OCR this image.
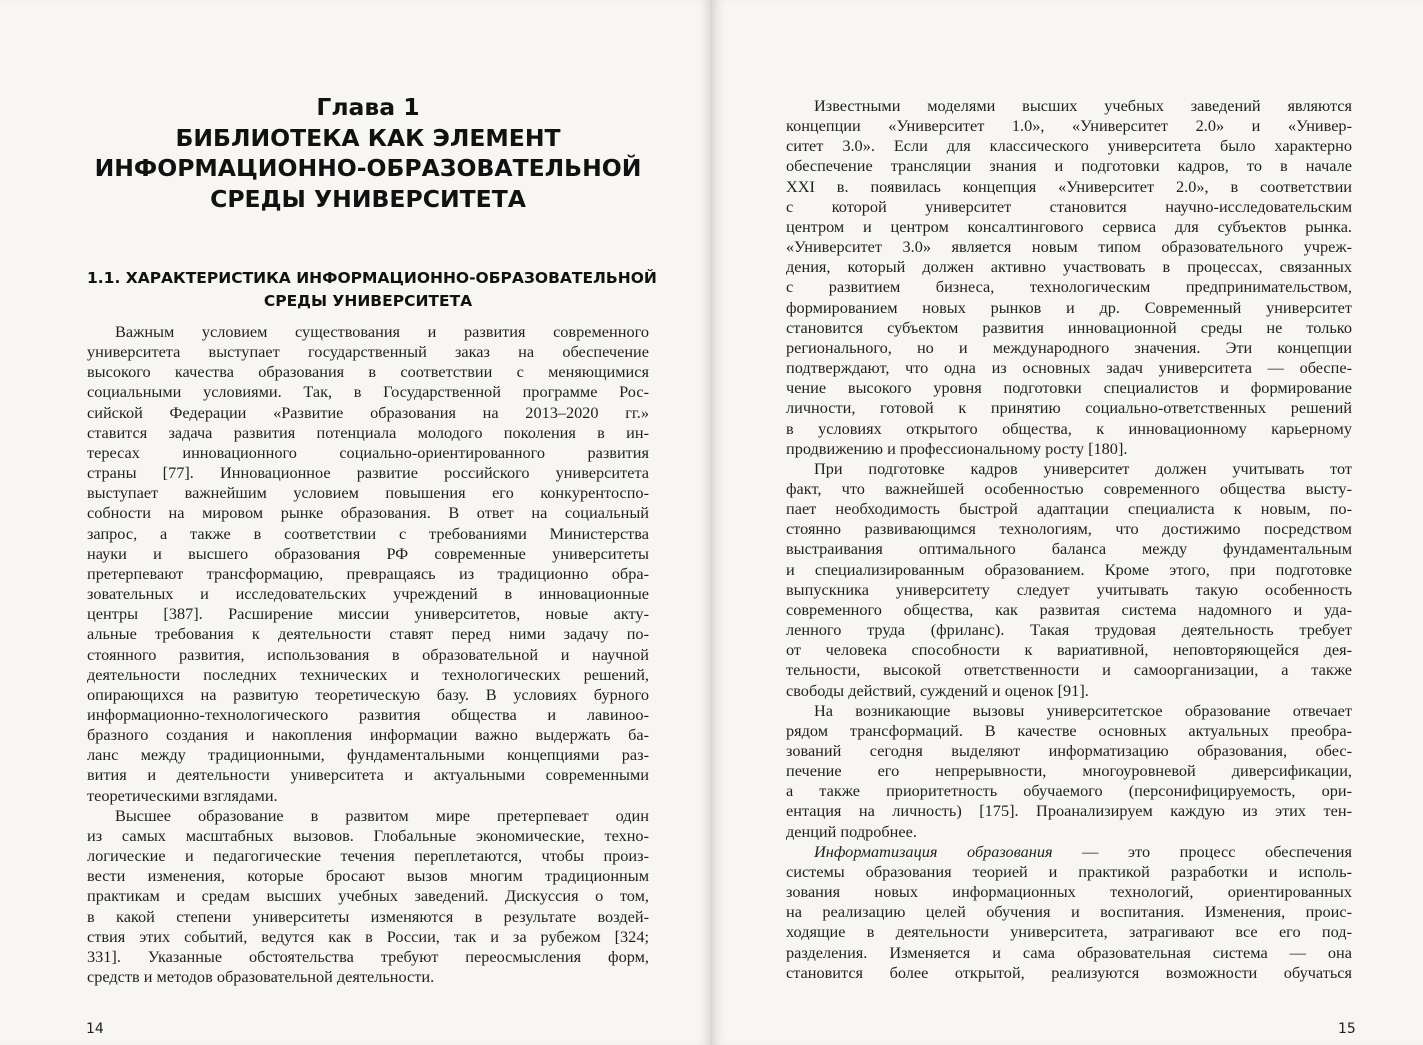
Глава 1
БИБЛИОТЕКА КАК ЭЛЕМЕНТ
ИНФОРМАЦИОННО-ОБРАЗОВАТЕЛЬНОЙ
СРЕДЫ УНИВЕРСИТЕТА
1.1. ХАРАКТЕРИСТИКА ИНФОРМАЦИОННО-ОБРАЗОВАТЕЛЬНОЙ
СРЕДЫ УНИВЕРСИТЕТА
Важным условием существования и развития современного
университета выступает государственный заказ на обеспечение
высокого качества образования в соответствии с меняющимися
социальными условиями. Так, в Государственной программе Рос-
сийской Федерации «Развитие образования на 2013–2020 гг.»
ставится задача развития потенциала молодого поколения в ин-
тересах инновационного социально-ориентированного развития
страны [77]. Инновационное развитие российского университета
выступает важнейшим условием повышения его конкурентоспо-
собности на мировом рынке образования. В ответ на социальный
запрос, а также в соответствии с требованиями Министерства
науки и высшего образования РФ современные университеты
претерпевают трансформацию, превращаясь из традиционно обра-
зовательных и исследовательских учреждений в инновационные
центры [387]. Расширение миссии университетов, новые акту-
альные требования к деятельности ставят перед ними задачу по-
стоянного развития, использования в образовательной и научной
деятельности последних технических и технологических решений,
опирающихся на развитую теоретическую базу. В условиях бурного
информационно-технологического развития общества и лавиноо-
бразного создания и накопления информации важно выдержать ба-
ланс между традиционными, фундаментальными концепциями раз-
вития и деятельности университета и актуальными современными
теоретическими взглядами.
Высшее образование в развитом мире претерпевает один
из самых масштабных вызовов. Глобальные экономические, техно-
логические и педагогические течения переплетаются, чтобы произ-
вести изменения, которые бросают вызов многим традиционным
практикам и средам высших учебных заведений. Дискуссия о том,
в какой степени университеты изменяются в результате воздей-
ствия этих событий, ведутся как в России, так и за рубежом [324;
331]. Указанные обстоятельства требуют переосмысления форм,
средств и методов образовательной деятельности.
14
Известными моделями высших учебных заведений являются
концепции «Университет 1.0», «Университет 2.0» и «Универ-
ситет 3.0». Если для классического университета было характерно
обеспечение трансляции знания и подготовки кадров, то в начале
XXI в. появилась концепция «Университет 2.0», в соответствии
с которой университет становится научно-исследовательским
центром и центром консалтингового сервиса для субъектов рынка.
«Университет 3.0» является новым типом образовательного учреж-
дения, который должен активно участвовать в процессах, связанных
с развитием бизнеса, технологическим предпринимательством,
формированием новых рынков и др. Современный университет
становится субъектом развития инновационной среды не только
регионального, но и международного значения. Эти концепции
подтверждают, что одна из основных задач университета — обеспе-
чение высокого уровня подготовки специалистов и формирование
личности, готовой к принятию социально-ответственных решений
в условиях открытого общества, к инновационному карьерному
продвижению и профессиональному росту [180].
При подготовке кадров университет должен учитывать тот
факт, что важнейшей особенностью современного общества высту-
пает необходимость быстрой адаптации специалиста к новым, по-
стоянно развивающимся технологиям, что достижимо посредством
выстраивания оптимального баланса между фундаментальным
и специализированным образованием. Кроме этого, при подготовке
выпускника университету следует учитывать такую особенность
современного общества, как развитая система надомного и уда-
ленного труда (фриланс). Такая трудовая деятельность требует
от человека способности к вариативной, неповторяющейся дея-
тельности, высокой ответственности и самоорганизации, а также
свободы действий, суждений и оценок [91].
На возникающие вызовы университетское образование отвечает
рядом трансформаций. В качестве основных актуальных преобра-
зований сегодня выделяют информатизацию образования, обес-
печение его непрерывности, многоуровневой диверсификации,
а также приоритетность обучаемого (персонифицируемость, ори-
ентация на личность) [175]. Проанализируем каждую из этих тен-
денций подробнее.
Информатизация образования — это процесс обеспечения
системы образования теорией и практикой разработки и исполь-
зования новых информационных технологий, ориентированных
на реализацию целей обучения и воспитания. Изменения, проис-
ходящие в деятельности университета, затрагивают все его под-
разделения. Изменяется и сама образовательная система — она
становится более открытой, реализуются возможности обучаться
15
